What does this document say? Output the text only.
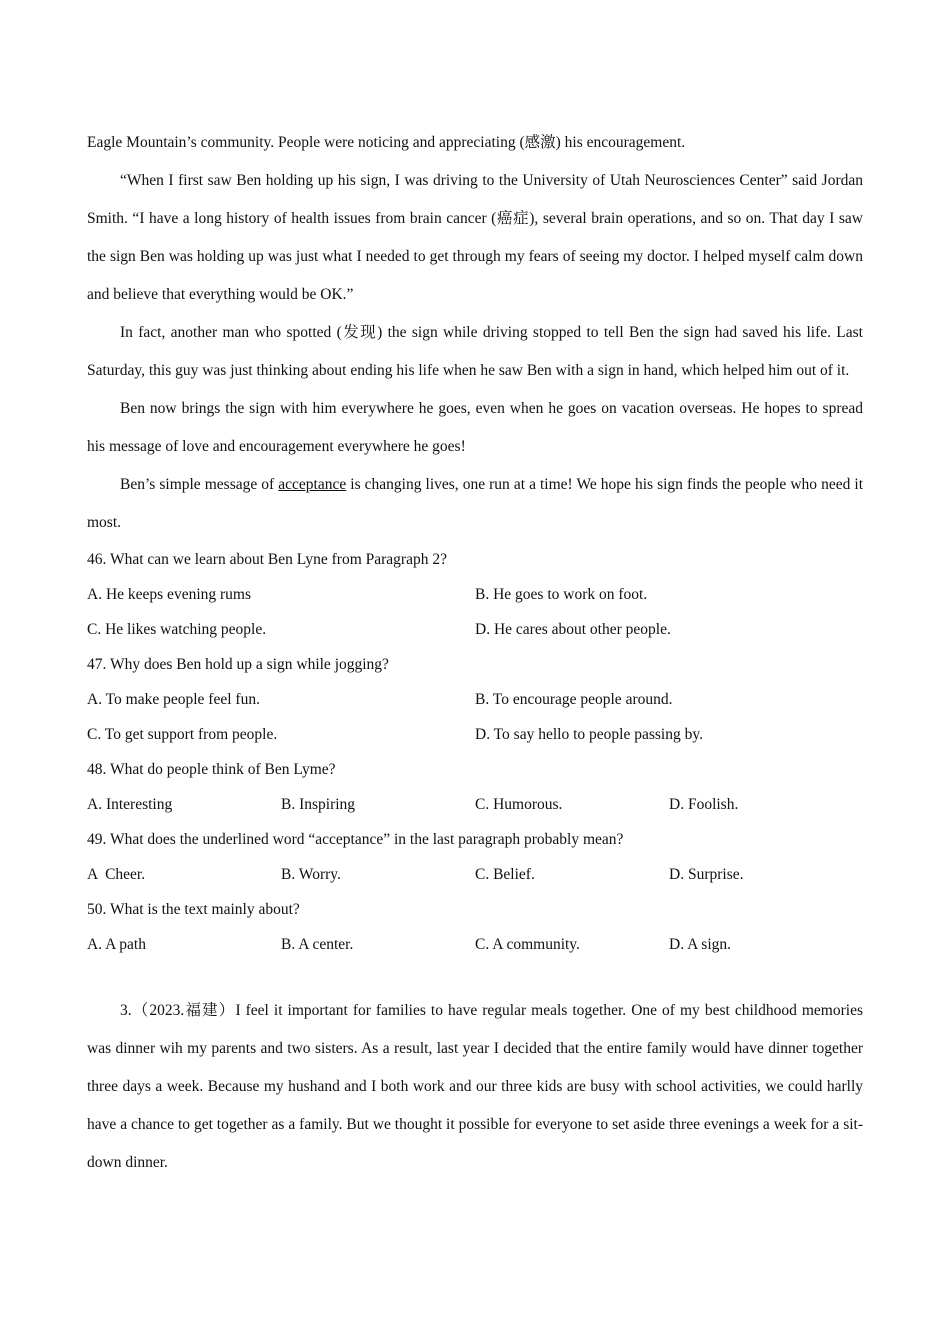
Eagle Mountain’s community. People were noticing and appreciating (感激) his encouragement.

“When I first saw Ben holding up his sign, I was driving to the University of Utah Neurosciences Center” said Jordan Smith. “I have a long history of health issues from brain cancer (癌症), several brain operations, and so on. That day I saw the sign Ben was holding up was just what I needed to get through my fears of seeing my doctor. I helped myself calm down and believe that everything would be OK.”

In fact, another man who spotted (发现) the sign while driving stopped to tell Ben the sign had saved his life. Last Saturday, this guy was just thinking about ending his life when he saw Ben with a sign in hand, which helped him out of it.

Ben now brings the sign with him everywhere he goes, even when he goes on vacation overseas. He hopes to spread his message of love and encouragement everywhere he goes!

Ben’s simple message of acceptance is changing lives, one run at a time! We hope his sign finds the people who need it most.

46. What can we learn about Ben Lyne from Paragraph 2?

A. He keeps evening rums	B. He goes to work on foot.
C. He likes watching people.	D. He cares about other people.

47. Why does Ben hold up a sign while jogging?

A. To make people feel fun.	B. To encourage people around.
C. To get support from people.	D. To say hello to people passing by.

48. What do people think of Ben Lyme?

A. Interesting	B. Inspiring	C. Humorous.	D. Foolish.

49. What does the underlined word “acceptance” in the last paragraph probably mean?

A  Cheer.	B. Worry.	C. Belief.	D. Surprise.

50. What is the text mainly about?

A. A path	B. A center.	C. A community.	D. A sign.

3.（2023.福建）I feel it important for families to have regular meals together. One of my best childhood memories was dinner wih my parents and two sisters. As a result, last year I decided that the entire family would have dinner together three days a week. Because my hushand and I both work and our three kids are busy with school activities, we could harlly have a chance to get together as a family. But we thought it possible for everyone to set aside three evenings a week for a sit-down dinner.
